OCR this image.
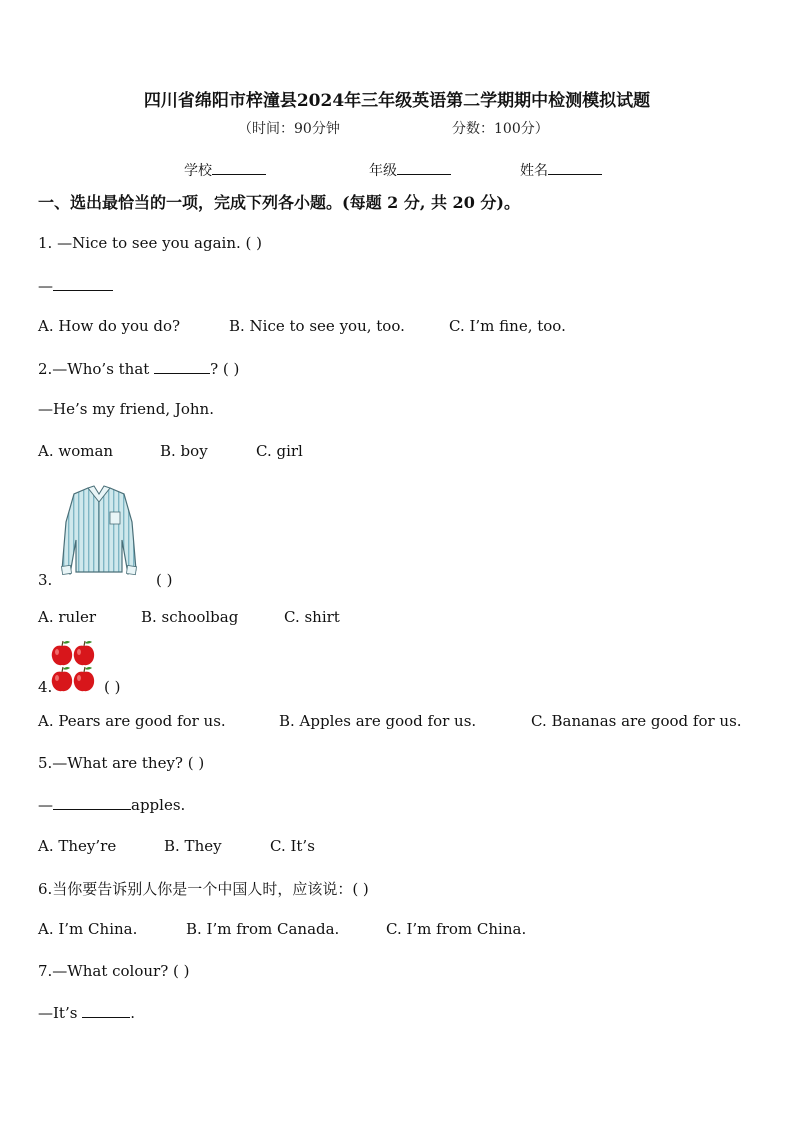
四川省绵阳市梓潼县2024年三年级英语第二学期期中检测模拟试题
（时间：90分钟	分数：100分）
学校	年级	姓名
一、选出最恰当的一项，完成下列各小题。(每题 2 分, 共 20 分)。
1. —Nice to see you again. ( )
—
A. How do you do?	B. Nice to see you, too.	C. I’m fine, too.
2.—Who’s that	? ( )
—He’s my friend, John.
A. woman	B. boy	C. girl
3.	( )
A. ruler	B. schoolbag	C. shirt
4.	( )
A. Pears are good for us.	B. Apples are good for us.	C. Bananas are good for us.
5.—What are they? ( )
—	apples.
A. They’re	B. They	C. It’s
6.当你要告诉别人你是一个中国人时，应该说：( )
A. I’m China.	B. I’m from Canada.	C. I’m from China.
7.—What colour? ( )
—It’s	.
